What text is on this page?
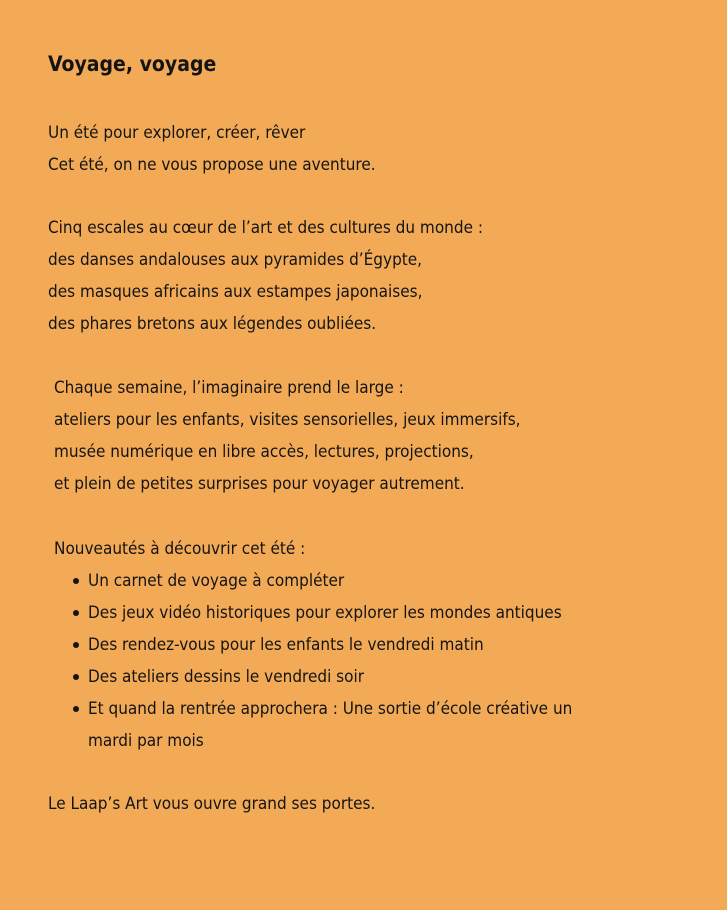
Voyage, voyage

Un été pour explorer, créer, rêver
Cet été, on ne vous propose une aventure.

Cinq escales au cœur de l’art et des cultures du monde :
des danses andalouses aux pyramides d’Égypte,
des masques africains aux estampes japonaises,
des phares bretons aux légendes oubliées.

Chaque semaine, l’imaginaire prend le large :
ateliers pour les enfants, visites sensorielles, jeux immersifs,
musée numérique en libre accès, lectures, projections,
et plein de petites surprises pour voyager autrement.

Nouveautés à découvrir cet été :
Un carnet de voyage à compléter
Des jeux vidéo historiques pour explorer les mondes antiques
Des rendez-vous pour les enfants le vendredi matin
Des ateliers dessins le vendredi soir
Et quand la rentrée approchera : Une sortie d’école créative un
mardi par mois

Le Laap’s Art vous ouvre grand ses portes.
